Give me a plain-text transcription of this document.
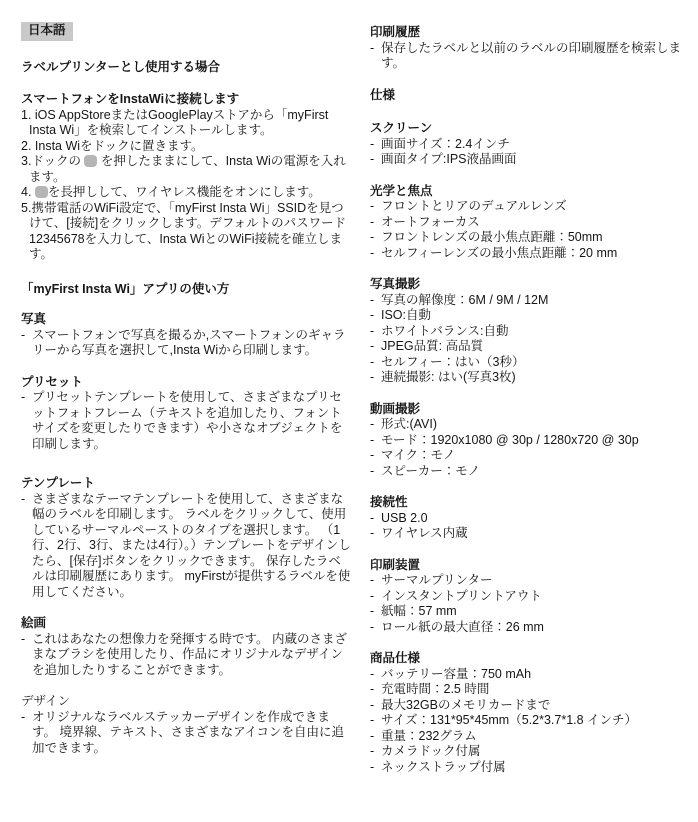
日本語
ラベルプリンターとし使用する場合
スマートフォンをInstaWiに接続します
1. iOS AppStoreまたはGooglePlayストアから「myFirst Insta Wi」を検索してインストールします。
2. Insta Wiをドックに置きます。
3.ドックの  を押したままにして、Insta Wiの電源を入れます。
4. を長押しして、ワイヤレス機能をオンにします。
5.携帯電話のWiFi設定で、「myFirst Insta Wi」SSIDを見つけて、[接続]をクリックします。デフォルトのパスワード12345678を入力して、Insta WiとのWiFi接続を確立します。
「myFirst Insta Wi」アプリの使い方
写真
- スマートフォンで写真を撮るか,スマートフォンのギャラリーから写真を選択して,Insta Wiから印刷します。
プリセット
- プリセットテンプレートを使用して、さまざまなプリセットフォトフレーム（テキストを追加したり、フォントサイズを変更したりできます）や小さなオブジェクトを印刷します。
テンプレート
- さまざまなテーマテンプレートを使用して、さまざまな幅のラベルを印刷します。 ラベルをクリックして、使用しているサーマルペーストのタイプを選択します。 （1行、2行、3行、または4行）。）テンプレートをデザインしたら、[保存]ボタンをクリックできます。 保存したラベルは印刷履歴にあります。 myFirstが提供するラベルを使用してください。
絵画
- これはあなたの想像力を発揮する時です。 内蔵のさまざまなブラシを使用したり、作品にオリジナルなデザインを追加したりすることができます。
デザイン
- オリジナルなラベルステッカーデザインを作成できます。 境界線、テキスト、さまざまなアイコンを自由に追加できます。
印刷履歴
- 保存したラベルと以前のラベルの印刷履歴を検索します。
仕様
スクリーン
- 画面サイズ：2.4インチ
- 画面タイプ:IPS液晶画面
光学と焦点
- フロントとリアのデュアルレンズ
- オートフォーカス
- フロントレンズの最小焦点距離：50mm
- セルフィーレンズの最小焦点距離：20 mm
写真撮影
- 写真の解像度：6M / 9M / 12M
- ISO:自動
- ホワイトバランス:自動
- JPEG品質: 高品質
- セルフィー：はい（3秒）
- 連続撮影: はい(写真3枚)
動画撮影
- 形式:(AVI)
- モード：1920x1080 @ 30p / 1280x720 @ 30p
- マイク：モノ
- スピーカー：モノ
接続性
- USB 2.0
- ワイヤレス内蔵
印刷装置
- サーマルプリンター
- インスタントプリントアウト
- 紙幅：57 mm
- ロール紙の最大直径：26 mm
商品仕様
- バッテリー容量：750 mAh
- 充電時間：2.5 時間
- 最大32GBのメモリカードまで
- サイズ：131*95*45mm（5.2*3.7*1.8 インチ）
- 重量：232グラム
- カメラドック付属
- ネックストラップ付属
